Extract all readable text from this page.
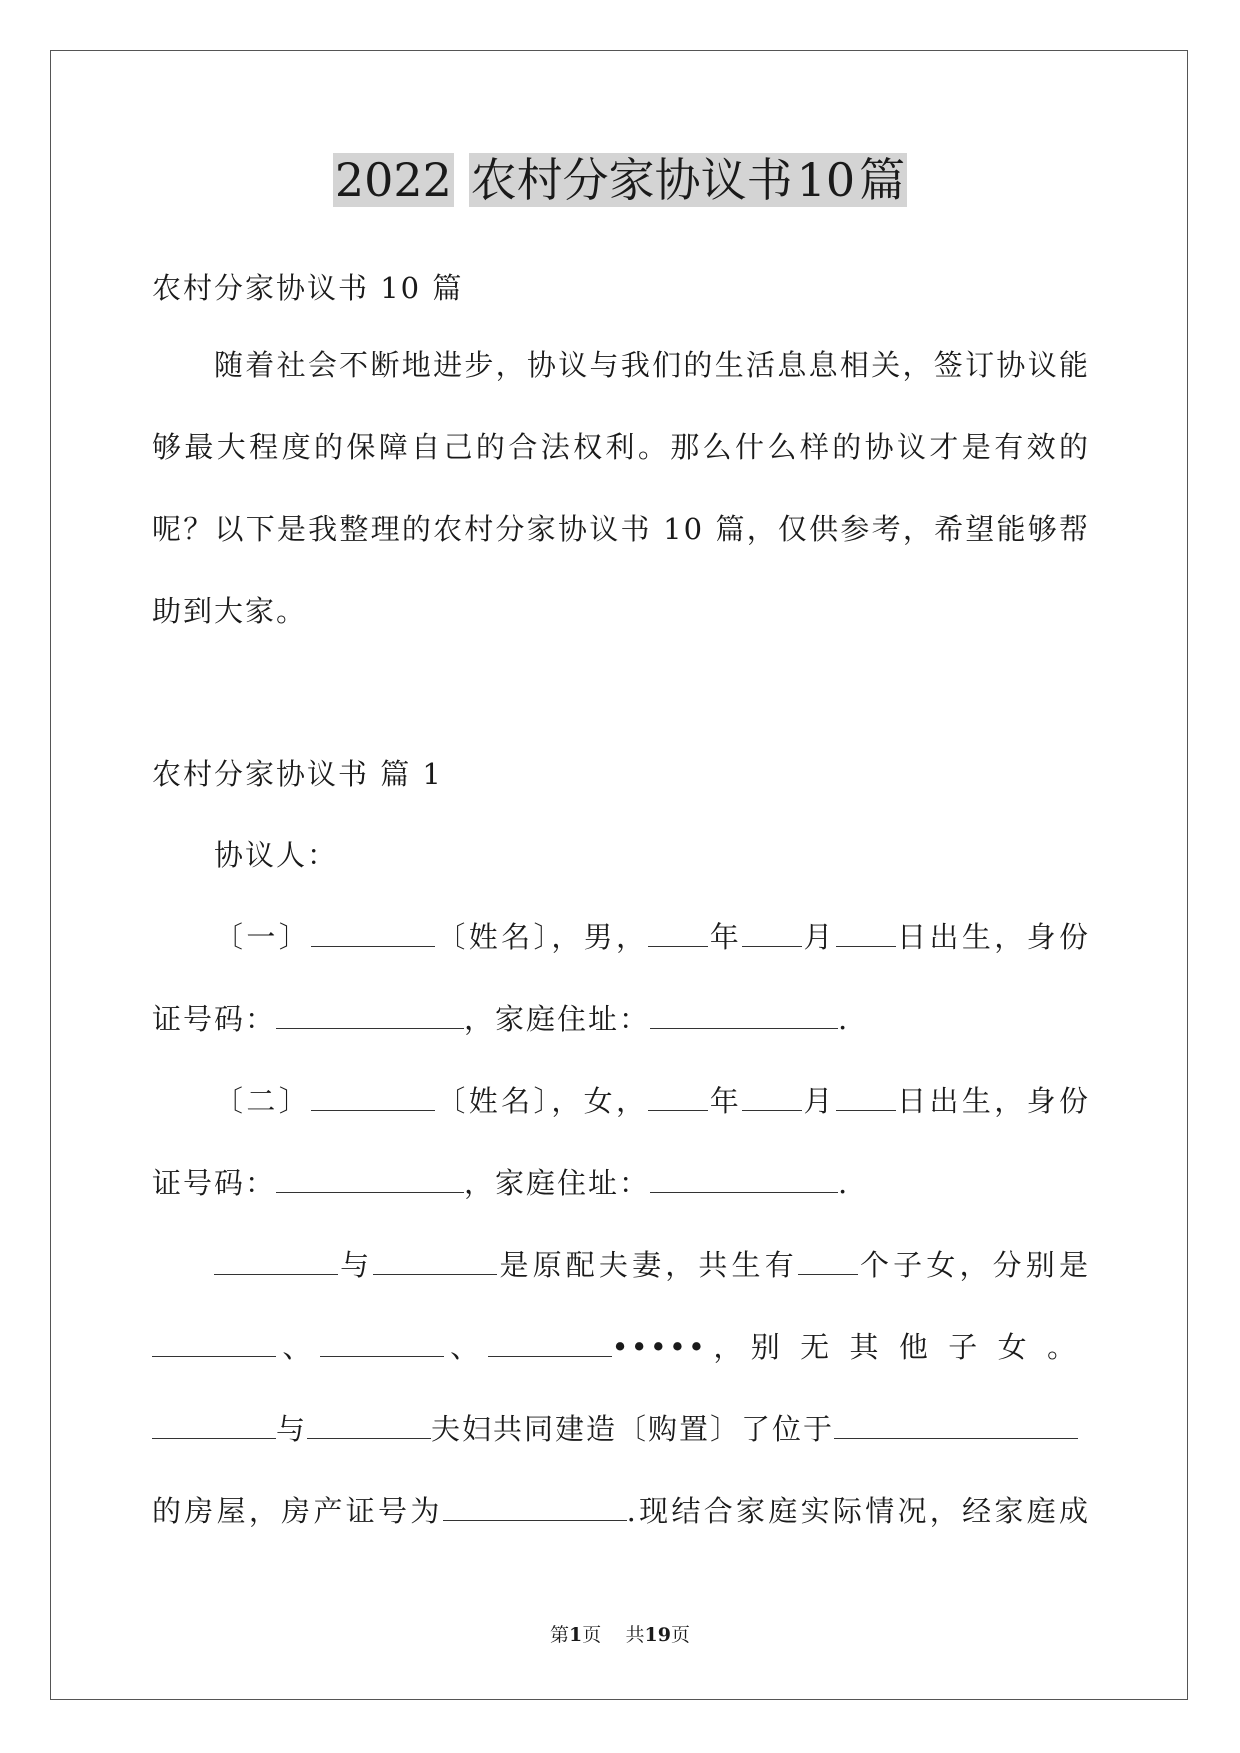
2022 农村分家协议书10篇
农村分家协议书 10 篇
随着社会不断地进步，协议与我们的生活息息相关，签订协议能
够最大程度的保障自己的合法权利。那么什么样的协议才是有效的
呢？以下是我整理的农村分家协议书 10 篇，仅供参考，希望能够帮
助到大家。
农村分家协议书 篇 1
协议人：
〔一〕	〔姓名〕，男， 年 月 日出生，身份
证号码：	，家庭住址：	.
〔二〕	〔姓名〕，女， 年 月 日出生，身份
证号码：	，家庭住址：	.
与	是原配夫妻，共生有 个子女，分别是
、	、	•••••，别无其他子女。
与	夫妇共同建造〔购置〕了位于
的房屋，房产证号为	.现结合家庭实际情况，经家庭成
第1页 共19页
